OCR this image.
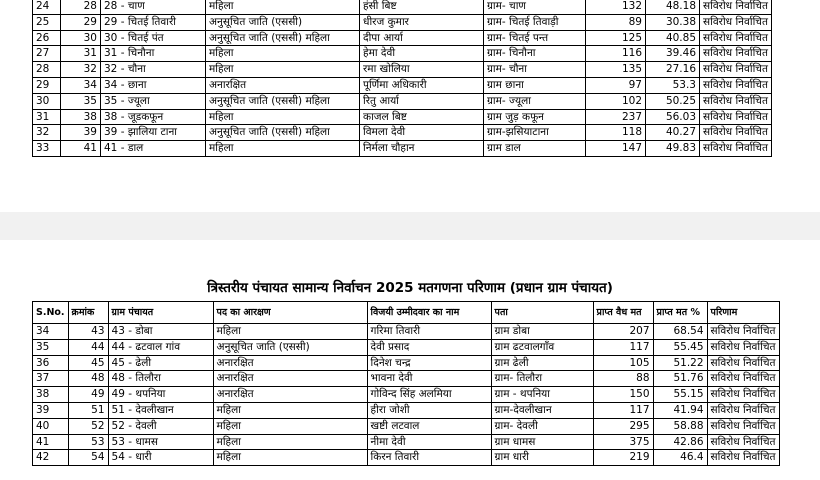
24	28	28 - चाण	महिला	हंसी बिष्ट	ग्राम- चाण	132	48.18	सविरोध निर्वाचित
25	29	29 - चितई तिवारी	अनुसूचित जाति (एससी)	धीरज कुमार	ग्राम- चितई तिवाड़ी	89	30.38	सविरोध निर्वाचित
26	30	30 - चितई पंत	अनुसूचित जाति (एससी) महिला	दीपा आर्या	ग्राम- चितई पन्त	125	40.85	सविरोध निर्वाचित
27	31	31 - चिनौना	महिला	हेमा देवी	ग्राम- चिनौना	116	39.46	सविरोध निर्वाचित
28	32	32 - चौना	महिला	रमा खोलिया	ग्राम- चौना	135	27.16	सविरोध निर्वाचित
29	34	34 - छाना	अनारक्षित	पूर्णिमा अधिकारी	ग्राम छाना	97	53.3	सविरोध निर्वाचित
30	35	35 - ज्यूला	अनुसूचित जाति (एससी) महिला	रितु आर्या	ग्राम- ज्यूला	102	50.25	सविरोध निर्वाचित
31	38	38 - जूडकफून	महिला	काजल बिष्ट	ग्राम जुड़ कफून	237	56.03	सविरोध निर्वाचित
32	39	39 - झालिया टाना	अनुसूचित जाति (एससी) महिला	विमला देवी	ग्राम-झसियाटाना	118	40.27	सविरोध निर्वाचित
33	41	41 - डाल	महिला	निर्मला चौहान	ग्राम डाल	147	49.83	सविरोध निर्वाचित
त्रिस्तरीय पंचायत सामान्य निर्वाचन 2025 मतगणना परिणाम (प्रधान ग्राम पंचायत)
S.No.	क्रमांक	ग्राम पंचायत	पद का आरक्षण	विजयी उम्मीदवार का नाम	पता	प्राप्त वैध मत	प्राप्त मत %	परिणाम
34	43	43 - डोबा	महिला	गरिमा तिवारी	ग्राम डोबा	207	68.54	सविरोध निर्वाचित
35	44	44 - ढटवाल गांव	अनुसूचित जाति (एससी)	देवी प्रसाद	ग्राम ढटवालगाँव	117	55.45	सविरोध निर्वाचित
36	45	45 - ढेली	अनारक्षित	दिनेश चन्द्र	ग्राम ढेली	105	51.22	सविरोध निर्वाचित
37	48	48 - तिलौरा	अनारक्षित	भावना देवी	ग्राम- तिलौरा	88	51.76	सविरोध निर्वाचित
38	49	49 - थपनिया	अनारक्षित	गोविन्द सिंह अलमिया	ग्राम - थपनिया	150	55.15	सविरोध निर्वाचित
39	51	51 - देवलीखान	महिला	हीरा जोशी	ग्राम-देवलीखान	117	41.94	सविरोध निर्वाचित
40	52	52 - देवली	महिला	खष्टी लटवाल	ग्राम- देवली	295	58.88	सविरोध निर्वाचित
41	53	53 - धामस	महिला	नीमा देवी	ग्राम धामस	375	42.86	सविरोध निर्वाचित
42	54	54 - धारी	महिला	किरन तिवारी	ग्राम धारी	219	46.4	सविरोध निर्वाचित
